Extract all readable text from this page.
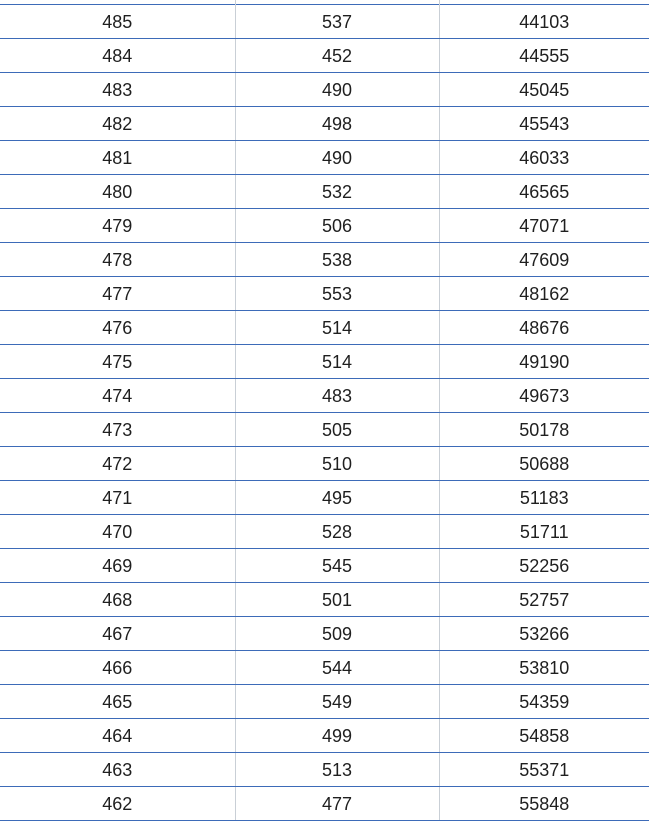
485	537	44103
484	452	44555
483	490	45045
482	498	45543
481	490	46033
480	532	46565
479	506	47071
478	538	47609
477	553	48162
476	514	48676
475	514	49190
474	483	49673
473	505	50178
472	510	50688
471	495	51183
470	528	51711
469	545	52256
468	501	52757
467	509	53266
466	544	53810
465	549	54359
464	499	54858
463	513	55371
462	477	55848
